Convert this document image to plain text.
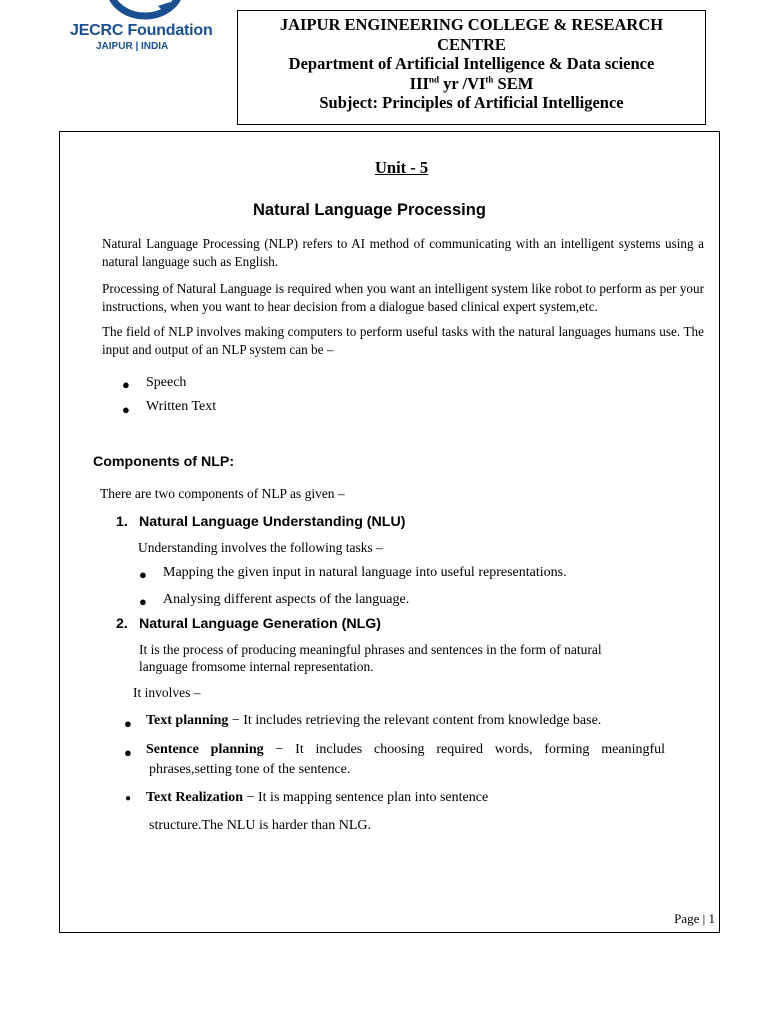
JECRC Foundation
JAIPUR | INDIA
JAIPUR ENGINEERING COLLEGE & RESEARCH
CENTRE
Department of Artificial Intelligence & Data science
IIInd yr /VIth SEM
Subject: Principles of Artificial Intelligence
Unit - 5
Natural Language Processing
Natural Language Processing (NLP) refers to AI method of communicating with an intelligent systems using a natural language such as English.
Processing of Natural Language is required when you want an intelligent system like robot to perform as per your instructions, when you want to hear decision from a dialogue based clinical expert system,etc.
The field of NLP involves making computers to perform useful tasks with the natural languages humans use. The input and output of an NLP system can be –
● Speech
● Written Text
Components of NLP:
There are two components of NLP as given –
1. Natural Language Understanding (NLU)
Understanding involves the following tasks –
● Mapping the given input in natural language into useful representations.
● Analysing different aspects of the language.
2. Natural Language Generation (NLG)
It is the process of producing meaningful phrases and sentences in the form of natural
language fromsome internal representation.
It involves –
● Text planning − It includes retrieving the relevant content from knowledge base.
● Sentence planning − It includes choosing required words, forming meaningful
phrases,setting tone of the sentence.
● Text Realization − It is mapping sentence plan into sentence
structure.The NLU is harder than NLG.
Page | 1
